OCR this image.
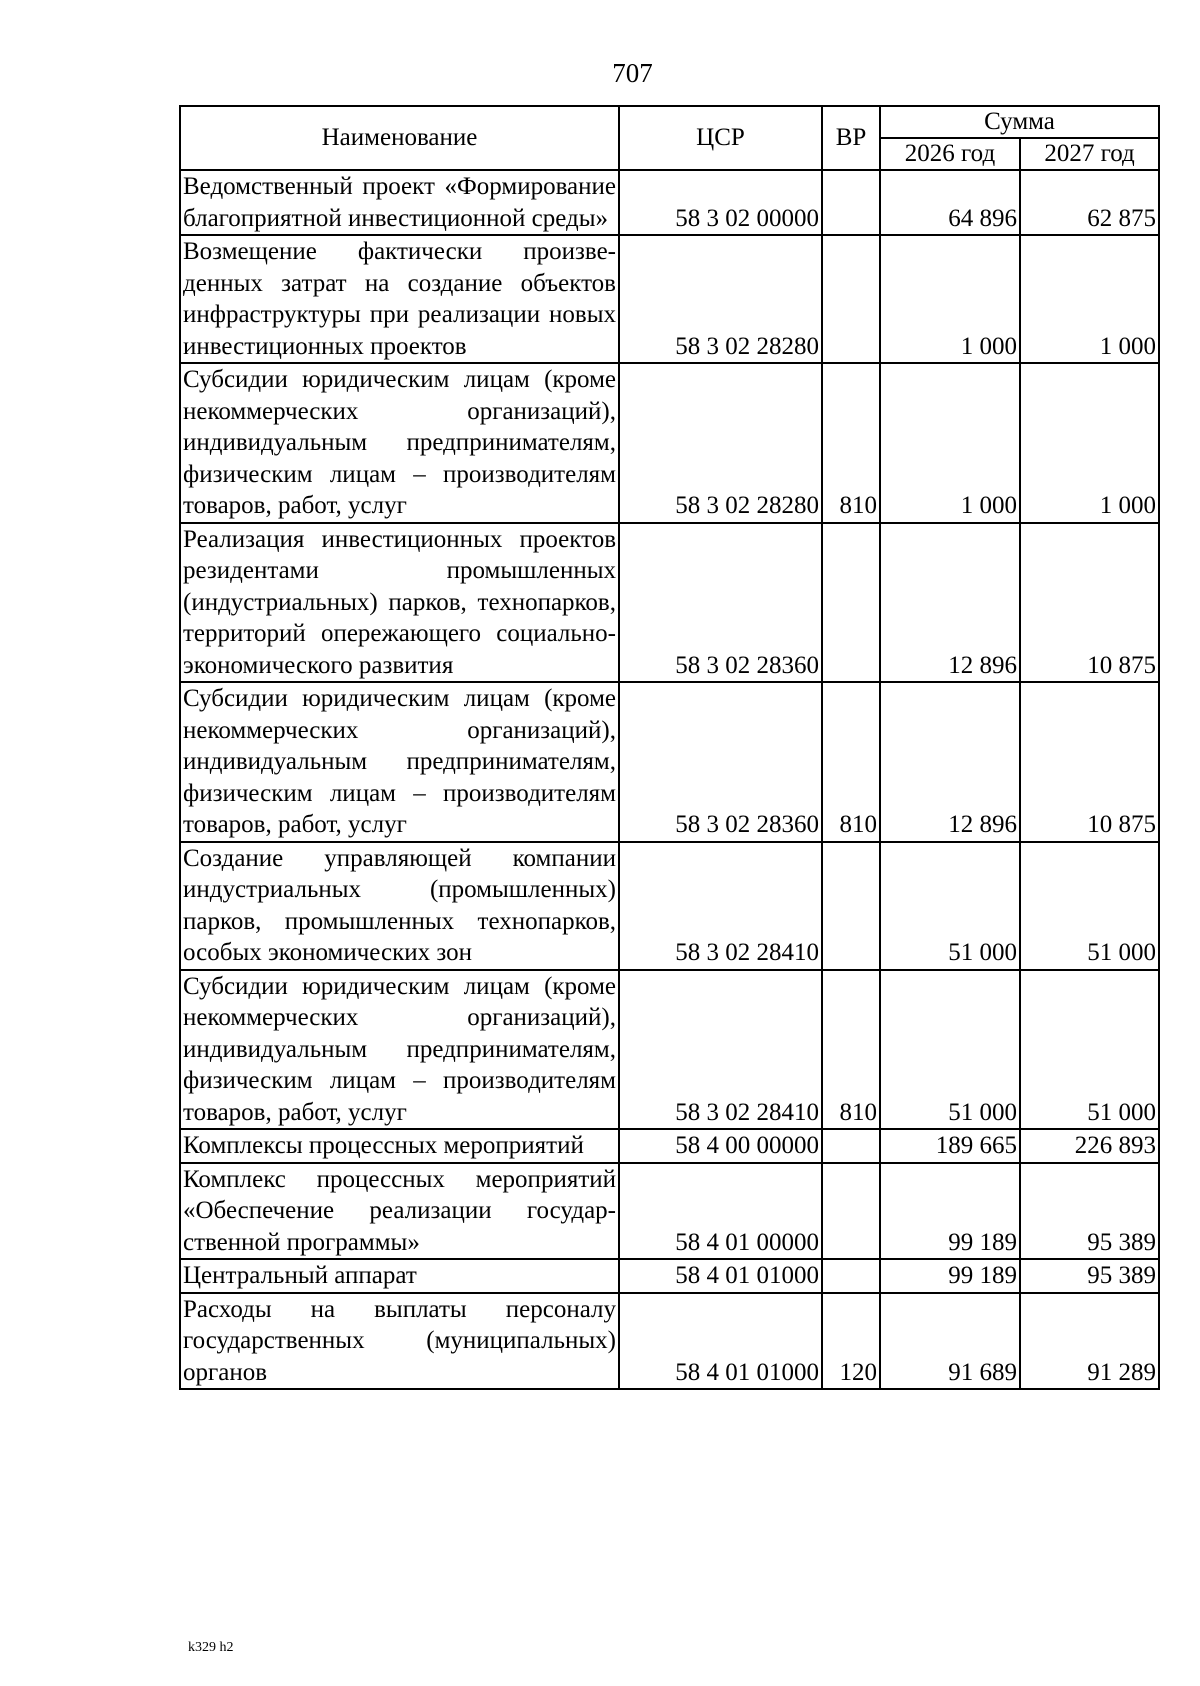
707
Наименование	ЦСР	ВР	Сумма	
			2026 год	2027 год
Ведомственный проект «Формирование благоприятной инвестиционной среды»	58 3 02 00000		64 896	62 875
Возмещение фактически произведенных затрат на создание объектов инфраструктуры при реализации новых инвестиционных проектов	58 3 02 28280		1 000	1 000
Субсидии юридическим лицам (кроме некоммерческих организаций), индивидуальным предпринимателям, физическим лицам – производителям товаров, работ, услуг	58 3 02 28280	810	1 000	1 000
Реализация инвестиционных проектов резидентами промышленных (индустриальных) парков, технопарков, территорий опережающего социально-экономического развития	58 3 02 28360		12 896	10 875
Субсидии юридическим лицам (кроме некоммерческих организаций), индивидуальным предпринимателям, физическим лицам – производителям товаров, работ, услуг	58 3 02 28360	810	12 896	10 875
Создание управляющей компании индустриальных (промышленных) парков, промышленных технопарков, особых экономических зон	58 3 02 28410		51 000	51 000
Субсидии юридическим лицам (кроме некоммерческих организаций), индивидуальным предпринимателям, физическим лицам – производителям товаров, работ, услуг	58 3 02 28410	810	51 000	51 000
Комплексы процессных мероприятий	58 4 00 00000		189 665	226 893
Комплекс процессных мероприятий «Обеспечение реализации государственной программы»	58 4 01 00000		99 189	95 389
Центральный аппарат	58 4 01 01000		99 189	95 389
Расходы на выплаты персоналу государственных (муниципальных) органов	58 4 01 01000	120	91 689	91 289
k329 h2
